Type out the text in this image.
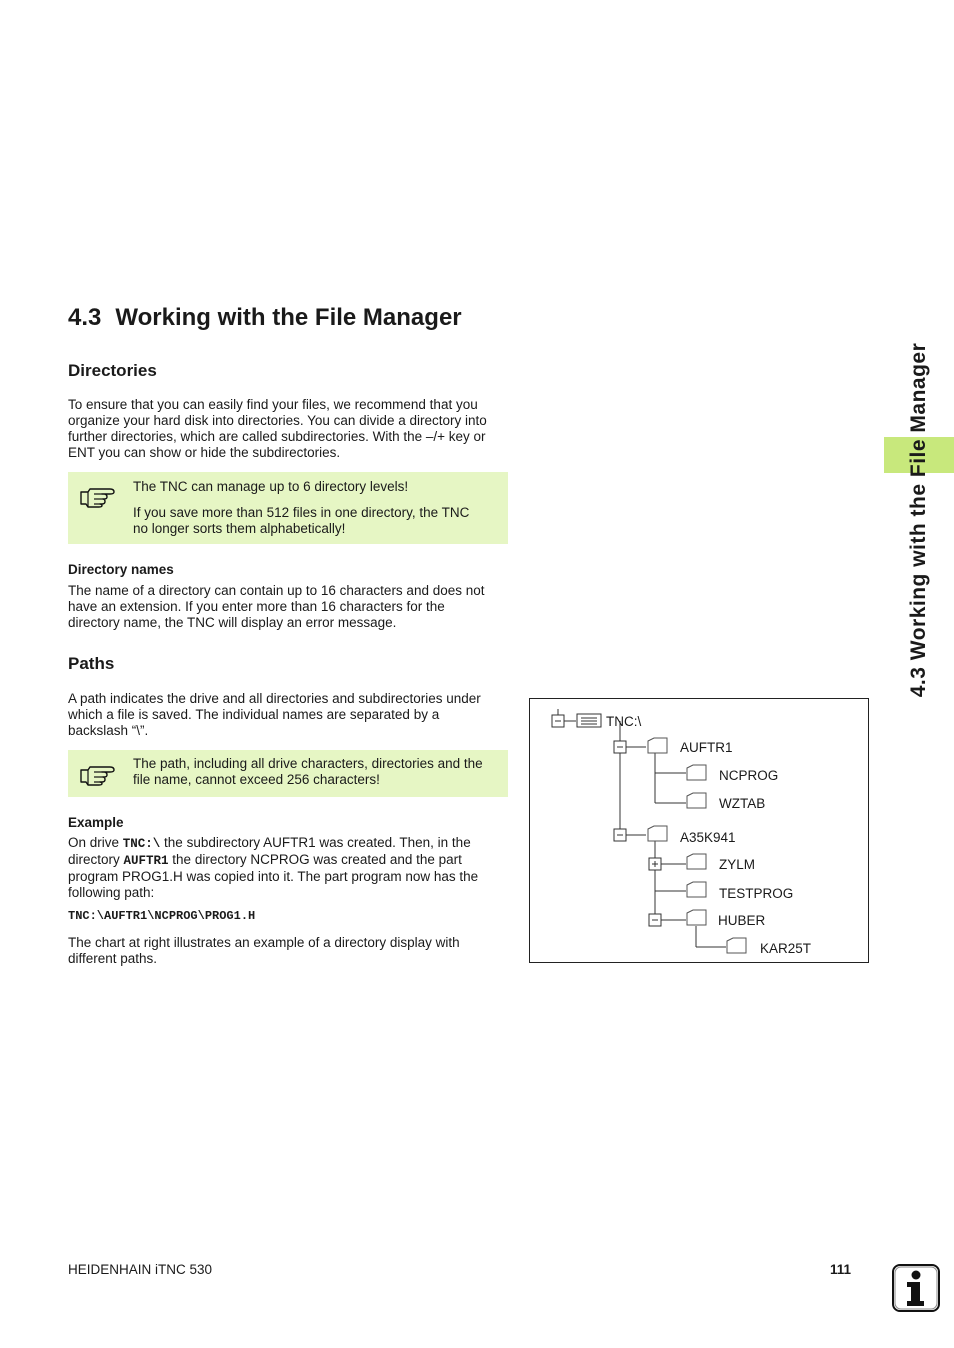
4.3 Working with the File Manager
4.3 Working with the File Manager
Directories
To ensure that you can easily find your files, we recommend that you
organize your hard disk into directories. You can divide a directory into
further directories, which are called subdirectories. With the –/+ key or
ENT you can show or hide the subdirectories.
The TNC can manage up to 6 directory levels!
If you save more than 512 files in one directory, the TNC
no longer sorts them alphabetically!
Directory names
The name of a directory can contain up to 16 characters and does not
have an extension. If you enter more than 16 characters for the
directory name, the TNC will display an error message.
Paths
A path indicates the drive and all directories and subdirectories under
which a file is saved. The individual names are separated by a
backslash “\”.
The path, including all drive characters, directories and the
file name, cannot exceed 256 characters!
Example
On drive TNC:\ the subdirectory AUFTR1 was created. Then, in the
directory AUFTR1 the directory NCPROG was created and the part
program PROG1.H was copied into it. The part program now has the
following path:
TNC:\AUFTR1\NCPROG\PROG1.H
The chart at right illustrates an example of a directory display with
different paths.
TNC:\
AUFTR1
NCPROG
WZTAB
A35K941
ZYLM
TESTPROG
HUBER
KAR25T
HEIDENHAIN iTNC 530	111
